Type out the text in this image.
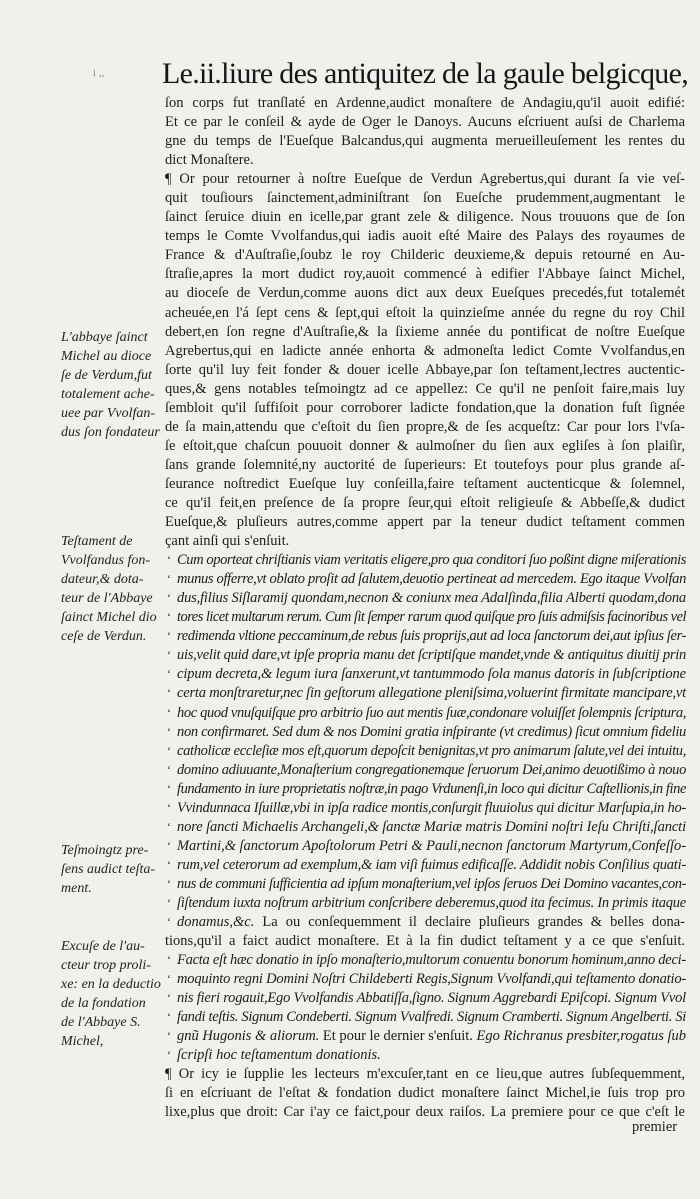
i ,, Le.ii.liure des antiquitez de la gaule belgicque,
L'abbaye ſainct
Michel au dioce
ſe de Verdum,fut
totalement ache-
uee par Vvolfan-
dus ſon fondateur
Teſtament de
Vvolfandus fon-
dateur,& dota-
teur de l'Abbaye
ſainct Michel dio
ceſe de Verdun.
Teſmoingtz pre-
ſens audict teſta-
ment.
Excuſe de l'au-
cteur trop proli-
xe: en la deductio
de la fondation
de l'Abbaye S.
Michel,
ſon corps fut tranſlaté en Ardenne,audict monaſtere de Andagiu,qu'il auoit edifié:
Et ce par le conſeil & ayde de Oger le Danoys. Aucuns eſcriuent auſsi de Charlema
gne du temps de l'Eueſque Balcandus,qui augmenta merueilleuſement les rentes du
dict Monaſtere.
¶ Or pour retourner à noſtre Eueſque de Verdun Agrebertus,qui durant ſa vie veſ-
quit touſiours ſainctement,adminiſtrant ſon Eueſche prudemment,augmentant le
ſainct ſeruice diuin en icelle,par grant zele & diligence. Nous trouuons que de ſon
temps le Comte Vvolfandus,qui iadis auoit eſté Maire des Palays des royaumes de
France & d'Auſtraſie,ſoubz le roy Childeric deuxieme,& depuis retourné en Au-
ſtraſie,apres la mort dudict roy,auoit commencé à edifier l'Abbaye ſainct Michel,
au dioceſe de Verdun,comme auons dict aux deux Eueſques precedés,fut totalemét
acheuée,en l'á ſept cens & ſept,qui eſtoit la quinzieſme année du regne du roy Chil
debert,en ſon regne d'Auſtraſie,& la ſixieme année du pontificat de noſtre Eueſque
Agrebertus,qui en ladicte année enhorta & admoneſta ledict Comte Vvolfandus,en
ſorte qu'il luy feit fonder & douer icelle Abbaye,par ſon teſtament,lectres auctentic-
ques,& gens notables teſmoingtz ad ce appellez: Ce qu'il ne penſoit faire,mais luy
ſembloit qu'il ſuffiſoit pour corroborer ladicte fondation,que la donation fuſt ſignée
de ſa main,attendu que c'eſtoit du ſien propre,& de ſes acqueſtz: Car pour lors l'vſa-
ſe eſtoit,que chaſcun pouuoit donner & aulmoſner du ſien aux egliſes à ſon plaiſir,
ſans grande ſolemnité,ny auctorité de ſuperieurs: Et toutefoys pour plus grande aſ-
ſeurance noſtredict Eueſque luy conſeilla,faire teſtament auctenticque & ſolemnel,
ce qu'il feit,en preſence de ſa propre ſeur,qui eſtoit religieuſe & Abbeſſe,& dudict
Eueſque,& pluſieurs autres,comme appert par la teneur dudict teſtament commen
çant ainſi qui s'enſuit.
‘ Cum oporteat chriſtianis viam veritatis eligere,pro qua conditori ſuo poßint digne miſerationis
‘ munus offerre,vt oblato proſit ad ſalutem,deuotio pertineat ad mercedem. Ego itaque Vvolfan
‘ dus,filius Siſlaramij quondam,necnon & coniunx mea Adalſinda,filia Alberti quodam,dona
‘ tores licet multarum rerum. Cum ſit ſemper rarum quod quiſque pro ſuis admiſsis facinoribus vel
‘ redimenda vltione peccaminum,de rebus ſuis proprijs,aut ad loca ſanctorum dei,aut ipſius ſer-
‘ uis,velit quid dare,vt ipſe propria manu det ſcriptiſque mandet,vnde & antiquitus diuitij prin
‘ cipum decreta,& legum iura ſanxerunt,vt tantummodo ſola manus datoris in ſubſcriptione
‘ certa monſtraretur,nec ſin geſtorum allegatione pleniſsima,voluerint firmitate mancipare,vt
‘ hoc quod vnuſquiſque pro arbitrio ſuo aut mentis ſuæ,condonare voluiſſet ſolempnis ſcriptura,
‘ non confirmaret. Sed dum & nos Domini gratia inſpirante (vt credimus) ſicut omnium fideliu
‘ catholicæ eccleſiæ mos eſt,quorum depoſcit benignitas,vt pro animarum ſalute,vel dei intuitu,
‘ domino adiuuante,Monaſterium congregationemque ſeruorum Dei,animo deuotißimo à nouo
‘ fundamento in iure proprietatis noſtræ,in pago Vrdunenſi,in loco qui dicitur Caſtellionis,in fine
‘ Vvindunnaca Iſuillæ,vbi in ipſa radice montis,conſurgit fluuiolus qui dicitur Marſupia,in ho-
‘ nore ſancti Michaelis Archangeli,& ſanctæ Mariæ matris Domini noſtri Ieſu Chriſti,ſancti
‘ Martini,& ſanctorum Apoſtolorum Petri & Pauli,necnon ſanctorum Martyrum,Confeſſo-
‘ rum,vel ceterorum ad exemplum,& iam viſi fuimus edificaſſe. Addidit nobis Conſilius quati-
‘ nus de communi ſufficientia ad ipſum monaſterium,vel ipſos ſeruos Dei Domino vacantes,con-
‘ ſiſtendum iuxta noſtrum arbitrium conſcribere deberemus,quod ita fecimus. In primis itaque
‘ donamus,&c. La ou conſequemment il declaire pluſieurs grandes & belles dona-
tions,qu'il a faict audict monaſtere. Et à la fin dudict teſtament y a ce que s'enſuit.
‘ Facta eſt hæc donatio in ipſo monaſterio,multorum conuentu bonorum hominum,anno deci-
‘ moquinto regni Domini Noſtri Childeberti Regis,Signum Vvolfandi,qui teſtamento donatio-
‘ nis fieri rogauit,Ego Vvolfandis Abbatiſſa,ſigno. Signum Aggrebardi Epiſcopi. Signum Vvol
‘ fandi teſtis. Signum Condeberti. Signum Vvalfredi. Signum Cramberti. Signum Angelberti. Si
‘ gnũ Hugonis & aliorum. Et pour le dernier s'enſuit. Ego Richranus presbiter,rogatus ſub
‘ ſcripſi hoc teſtamentum donationis.
¶ Or icy ie ſupplie les lecteurs m'excuſer,tant en ce lieu,que autres ſubſequemment,
ſi en eſcriuant de l'eſtat & fondation dudict monaſtere ſainct Michel,ie ſuis trop pro
lixe,plus que droit: Car i'ay ce faict,pour deux raiſos. La premiere pour ce que c'eſt le
premier
